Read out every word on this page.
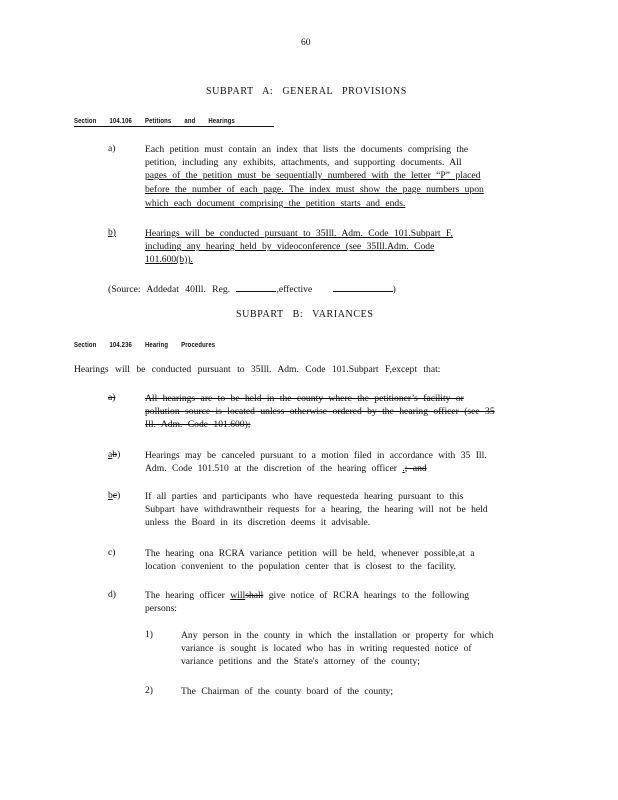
60
SUBPART A: GENERAL PROVISIONS
Section 104.106 Petitions and Hearings
a)	Each petition must contain an index that lists the documents comprising the
petition, including any exhibits, attachments, and supporting documents. All
pages of the petition must be sequentially numbered with the letter “P” placed
before the number of each page. The index must show the page numbers upon
which each document comprising the petition starts and ends.
b)	Hearings will be conducted pursuant to 35Ill. Adm. Code 101.Subpart F,
including any hearing held by videoconference (see 35Ill.Adm. Code
101.600(b)).
(Source: Addedat 40Ill. Reg.	,effective	)
SUBPART B: VARIANCES
Section 104.236 Hearing Procedures
Hearings will be conducted pursuant to 35Ill. Adm. Code 101.Subpart F,except that:
a)	All hearings are to be held in the county where the petitioner’s facility or
pollution source is located unless otherwise ordered by the hearing officer (see 35
Ill. Adm. Code 101.600);
ab)	Hearings may be canceled pursuant to a motion filed in accordance with 35 Ill.
Adm. Code 101.510 at the discretion of the hearing officer .; and
bc)	If all parties and participants who have requesteda hearing pursuant to this
Subpart have withdrawntheir requests for a hearing, the hearing will not be held
unless the Board in its discretion deems it advisable.
c)	The hearing ona RCRA variance petition will be held, whenever possible,at a
location convenient to the population center that is closest to the facility.
d)	The hearing officer willshall give notice of RCRA hearings to the following
persons:
1)	Any person in the county in which the installation or property for which
variance is sought is located who has in writing requested notice of
variance petitions and the State's attorney of the county;
2)	The Chairman of the county board of the county;
